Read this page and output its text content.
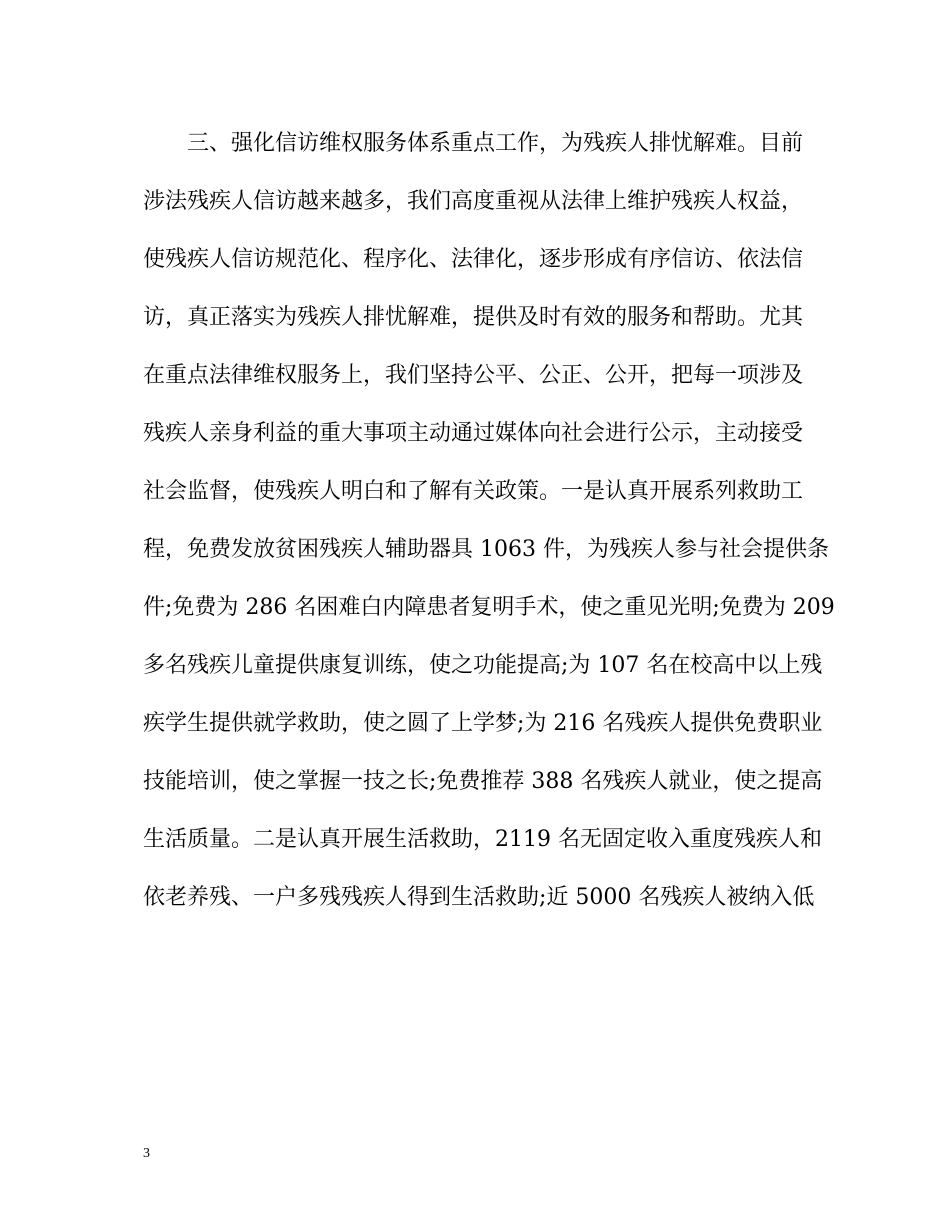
　　三、强化信访维权服务体系重点工作，为残疾人排忧解难。目前
涉法残疾人信访越来越多，我们高度重视从法律上维护残疾人权益，
使残疾人信访规范化、程序化、法律化，逐步形成有序信访、依法信
访，真正落实为残疾人排忧解难，提供及时有效的服务和帮助。尤其
在重点法律维权服务上，我们坚持公平、公正、公开，把每一项涉及
残疾人亲身利益的重大事项主动通过媒体向社会进行公示，主动接受
社会监督，使残疾人明白和了解有关政策。一是认真开展系列救助工
程，免费发放贫困残疾人辅助器具 1063 件，为残疾人参与社会提供条
件;免费为 286 名困难白内障患者复明手术，使之重见光明;免费为 209
多名残疾儿童提供康复训练，使之功能提高;为 107 名在校高中以上残
疾学生提供就学救助，使之圆了上学梦;为 216 名残疾人提供免费职业
技能培训，使之掌握一技之长;免费推荐 388 名残疾人就业，使之提高
生活质量。二是认真开展生活救助，2119 名无固定收入重度残疾人和
依老养残、一户多残残疾人得到生活救助;近 5000 名残疾人被纳入低
3
